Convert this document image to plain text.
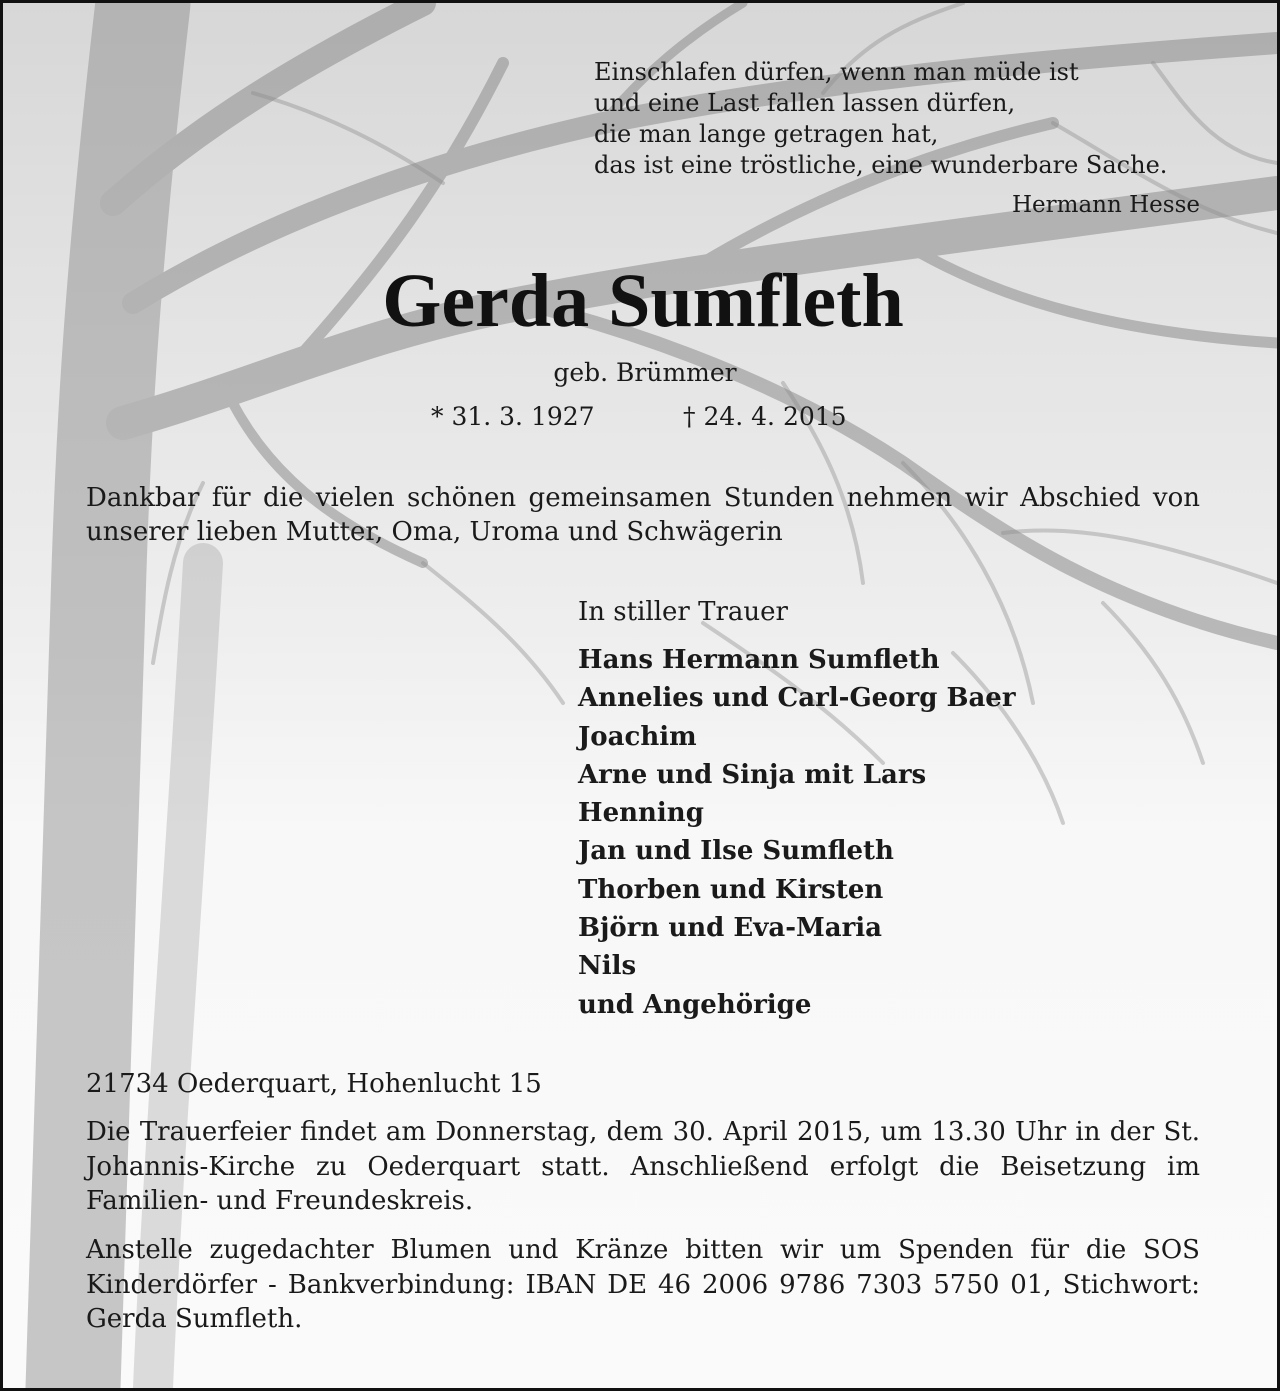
Einschlafen dürfen, wenn man müde ist
und eine Last fallen lassen dürfen,
die man lange getragen hat,
das ist eine tröstliche, eine wunderbare Sache.
Hermann Hesse
Gerda Sumfleth
geb. Brümmer
* 31. 3. 1927	† 24. 4. 2015
Dankbar für die vielen schönen gemeinsamen Stunden nehmen wir Abschied von unserer lieben Mutter, Oma, Uroma und Schwägerin
In stiller Trauer
Hans Hermann Sumfleth
Annelies und Carl-Georg Baer
Joachim
Arne und Sinja mit Lars
Henning
Jan und Ilse Sumfleth
Thorben und Kirsten
Björn und Eva-Maria
Nils
und Angehörige
21734 Oederquart, Hohenlucht 15

Die Trauerfeier findet am Donnerstag, dem 30. April 2015, um 13.30 Uhr in der St. Johannis-Kirche zu Oederquart statt. Anschließend erfolgt die Beisetzung im Familien- und Freundeskreis.

Anstelle zugedachter Blumen und Kränze bitten wir um Spenden für die SOS Kinderdörfer - Bankverbindung: IBAN DE 46 2006 9786 7303 5750 01, Stichwort: Gerda Sumfleth.
